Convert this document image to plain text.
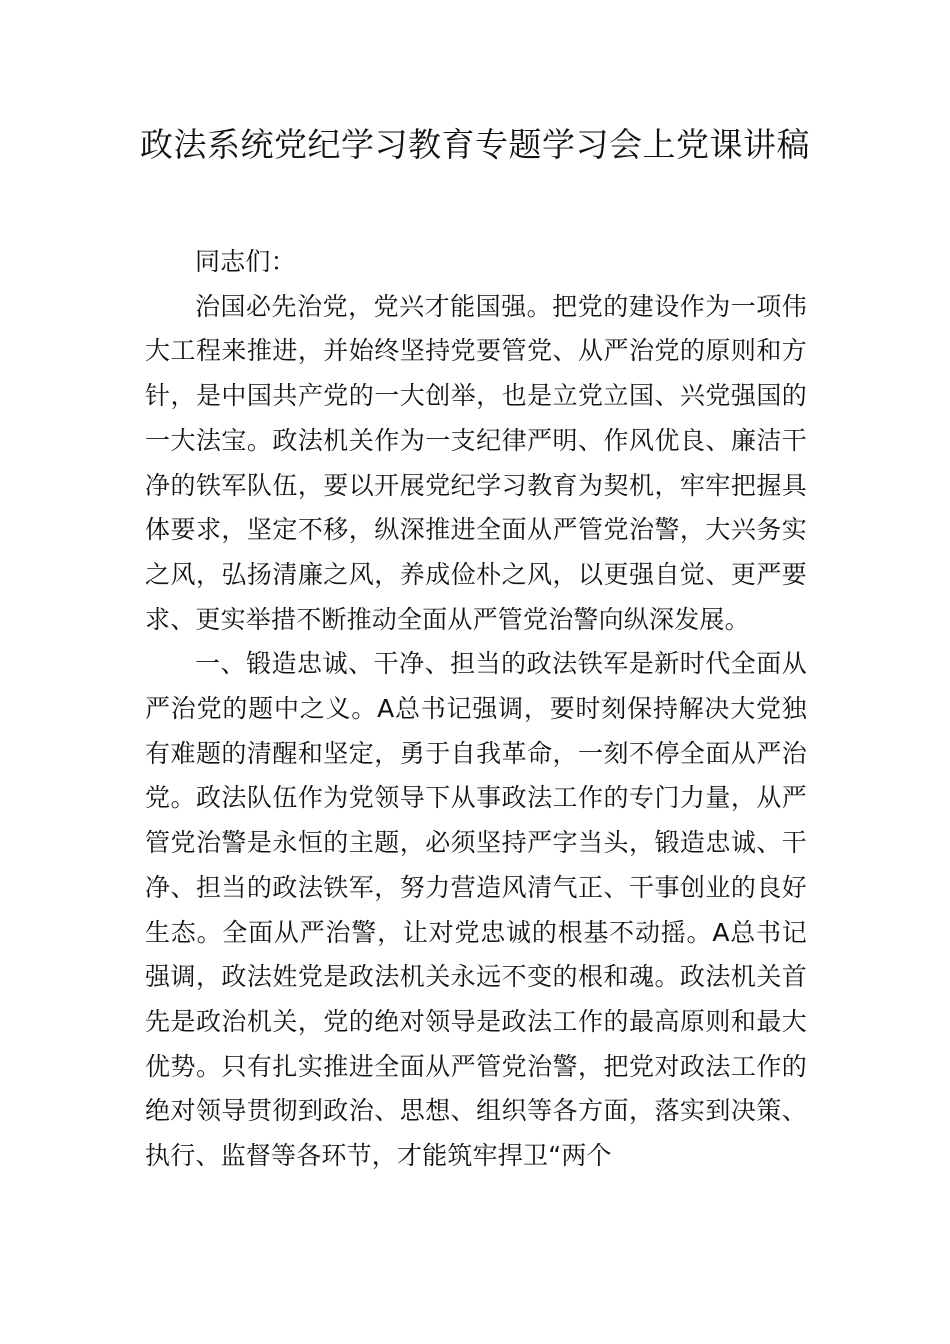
政法系统党纪学习教育专题学习会上党课讲稿

同志们：

治国必先治党，党兴才能国强。把党的建设作为一项伟大工程来推进，并始终坚持党要管党、从严治党的原则和方针，是中国共产党的一大创举，也是立党立国、兴党强国的一大法宝。政法机关作为一支纪律严明、作风优良、廉洁干净的铁军队伍，要以开展党纪学习教育为契机，牢牢把握具体要求，坚定不移，纵深推进全面从严管党治警，大兴务实之风，弘扬清廉之风，养成俭朴之风，以更强自觉、更严要求、更实举措不断推动全面从严管党治警向纵深发展。

一、锻造忠诚、干净、担当的政法铁军是新时代全面从严治党的题中之义。A总书记强调，要时刻保持解决大党独有难题的清醒和坚定，勇于自我革命，一刻不停全面从严治党。政法队伍作为党领导下从事政法工作的专门力量，从严管党治警是永恒的主题，必须坚持严字当头，锻造忠诚、干净、担当的政法铁军，努力营造风清气正、干事创业的良好生态。全面从严治警，让对党忠诚的根基不动摇。A总书记强调，政法姓党是政法机关永远不变的根和魂。政法机关首先是政治机关，党的绝对领导是政法工作的最高原则和最大优势。只有扎实推进全面从严管党治警，把党对政法工作的绝对领导贯彻到政治、思想、组织等各方面，落实到决策、执行、监督等各环节，才能筑牢捍卫“两个
